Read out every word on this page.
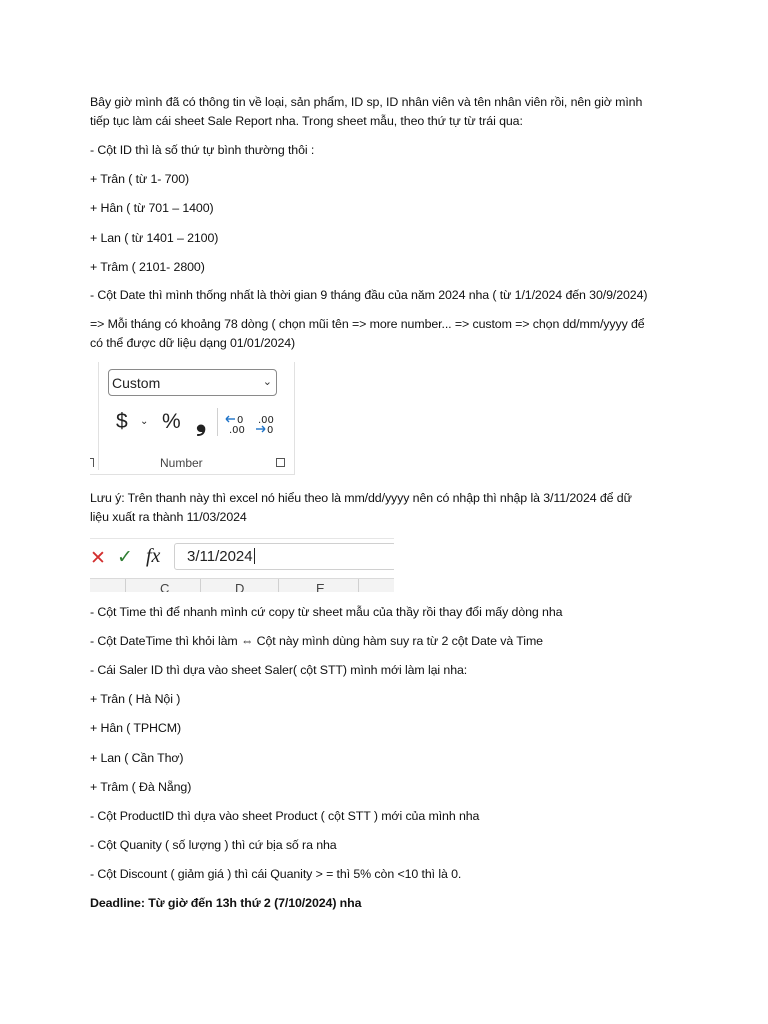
Bây giờ mình đã có thông tin về loại, sản phẩm, ID sp, ID nhân viên và tên nhân viên rồi, nên giờ mình
tiếp tục làm cái sheet Sale Report nha. Trong sheet mẫu, theo thứ tự từ trái qua:
- Cột ID thì là số thứ tự bình thường thôi :
+ Trân ( từ 1- 700)
+ Hân ( từ 701 – 1400)
+ Lan ( từ 1401 – 2100)
+ Trâm ( 2101- 2800)
- Cột Date thì mình thống nhất là thời gian 9 tháng đầu của năm 2024 nha ( từ 1/1/2024 đến 30/9/2024)
=> Mỗi tháng có khoảng 78 dòng ( chọn mũi tên => more number... => custom => chọn dd/mm/yyyy để
có thể được dữ liệu dạng 01/01/2024)
Custom	⌄
$ ⌄ % ❟	0
.00
.00
0
Number
Lưu ý: Trên thanh này thì excel nó hiểu theo là mm/dd/yyyy nên có nhập thì nhập là 3/11/2024 để dữ
liệu xuất ra thành 11/03/2024
✕ ✓ fx 3/11/2024
C	D	E
- Cột Time thì để nhanh mình cứ copy từ sheet mẫu của thầy rồi thay đổi mấy dòng nha
- Cột DateTime thì khỏi làm ⇔ Cột này mình dùng hàm suy ra từ 2 cột Date và Time
- Cái Saler ID thì dựa vào sheet Saler( cột STT) mình mới làm lại nha:
+ Trân ( Hà Nội )
+ Hân ( TPHCM)
+ Lan ( Cần Thơ)
+ Trâm ( Đà Nẵng)
- Cột ProductID thì dựa vào sheet Product ( cột STT ) mới của mình nha
- Cột Quanity ( số lượng ) thì cứ bịa số ra nha
- Cột Discount ( giảm giá ) thì cái Quanity > = thì 5% còn <10 thì là 0.
Deadline: Từ giờ đến 13h thứ 2 (7/10/2024) nha
